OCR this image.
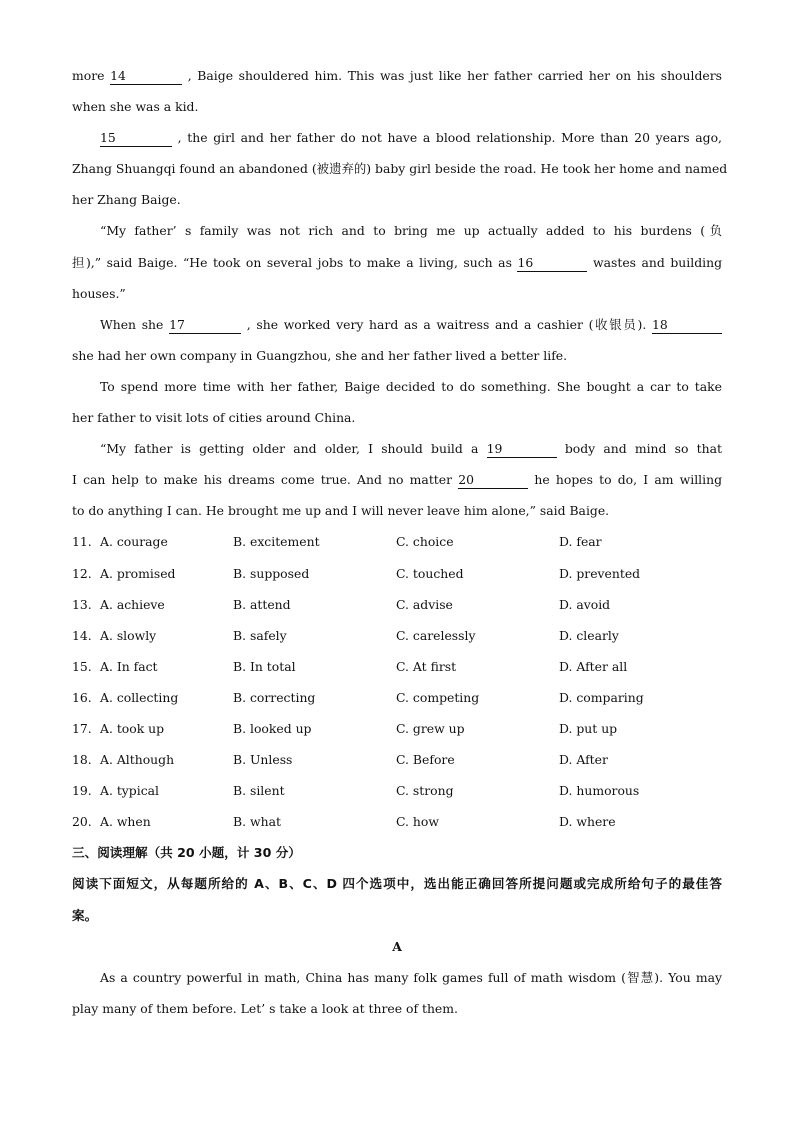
more 14	, Baige shouldered him. This was just like her father carried her on his shoulders
when she was a kid.
15	, the girl and her father do not have a blood relationship. More than 20 years ago,
Zhang Shuangqi found an abandoned (被遗弃的) baby girl beside the road. He took her home and named
her Zhang Baige.
“My father’ s family was not rich and to bring me up actually added to his burdens (负
担),” said Baige. “He took on several jobs to make a living, such as 16	wastes and building
houses.”
When she 17	, she worked very hard as a waitress and a cashier (收银员). 18
she had her own company in Guangzhou, she and her father lived a better life.
To spend more time with her father, Baige decided to do something. She bought a car to take
her father to visit lots of cities around China.
“My father is getting older and older, I should build a 19	body and mind so that
I can help to make his dreams come true. And no matter 20	he hopes to do, I am willing
to do anything I can. He brought me up and I will never leave him alone,” said Baige.
11. A. courage	B. excitement	C. choice	D. fear
12. A. promised	B. supposed	C. touched	D. prevented
13. A. achieve	B. attend	C. advise	D. avoid
14. A. slowly	B. safely	C. carelessly	D. clearly
15. A. In fact	B. In total	C. At first	D. After all
16. A. collecting	B. correcting	C. competing	D. comparing
17. A. took up	B. looked up	C. grew up	D. put up
18. A. Although	B. Unless	C. Before	D. After
19. A. typical	B. silent	C. strong	D. humorous
20. A. when	B. what	C. how	D. where
三、阅读理解（共 20 小题，计 30 分）
阅读下面短文，从每题所给的 A、B、C、D 四个选项中，选出能正确回答所提问题或完成所给句子的最佳答
案。
A
As a country powerful in math, China has many folk games full of math wisdom (智慧). You may
play many of them before. Let’ s take a look at three of them.
